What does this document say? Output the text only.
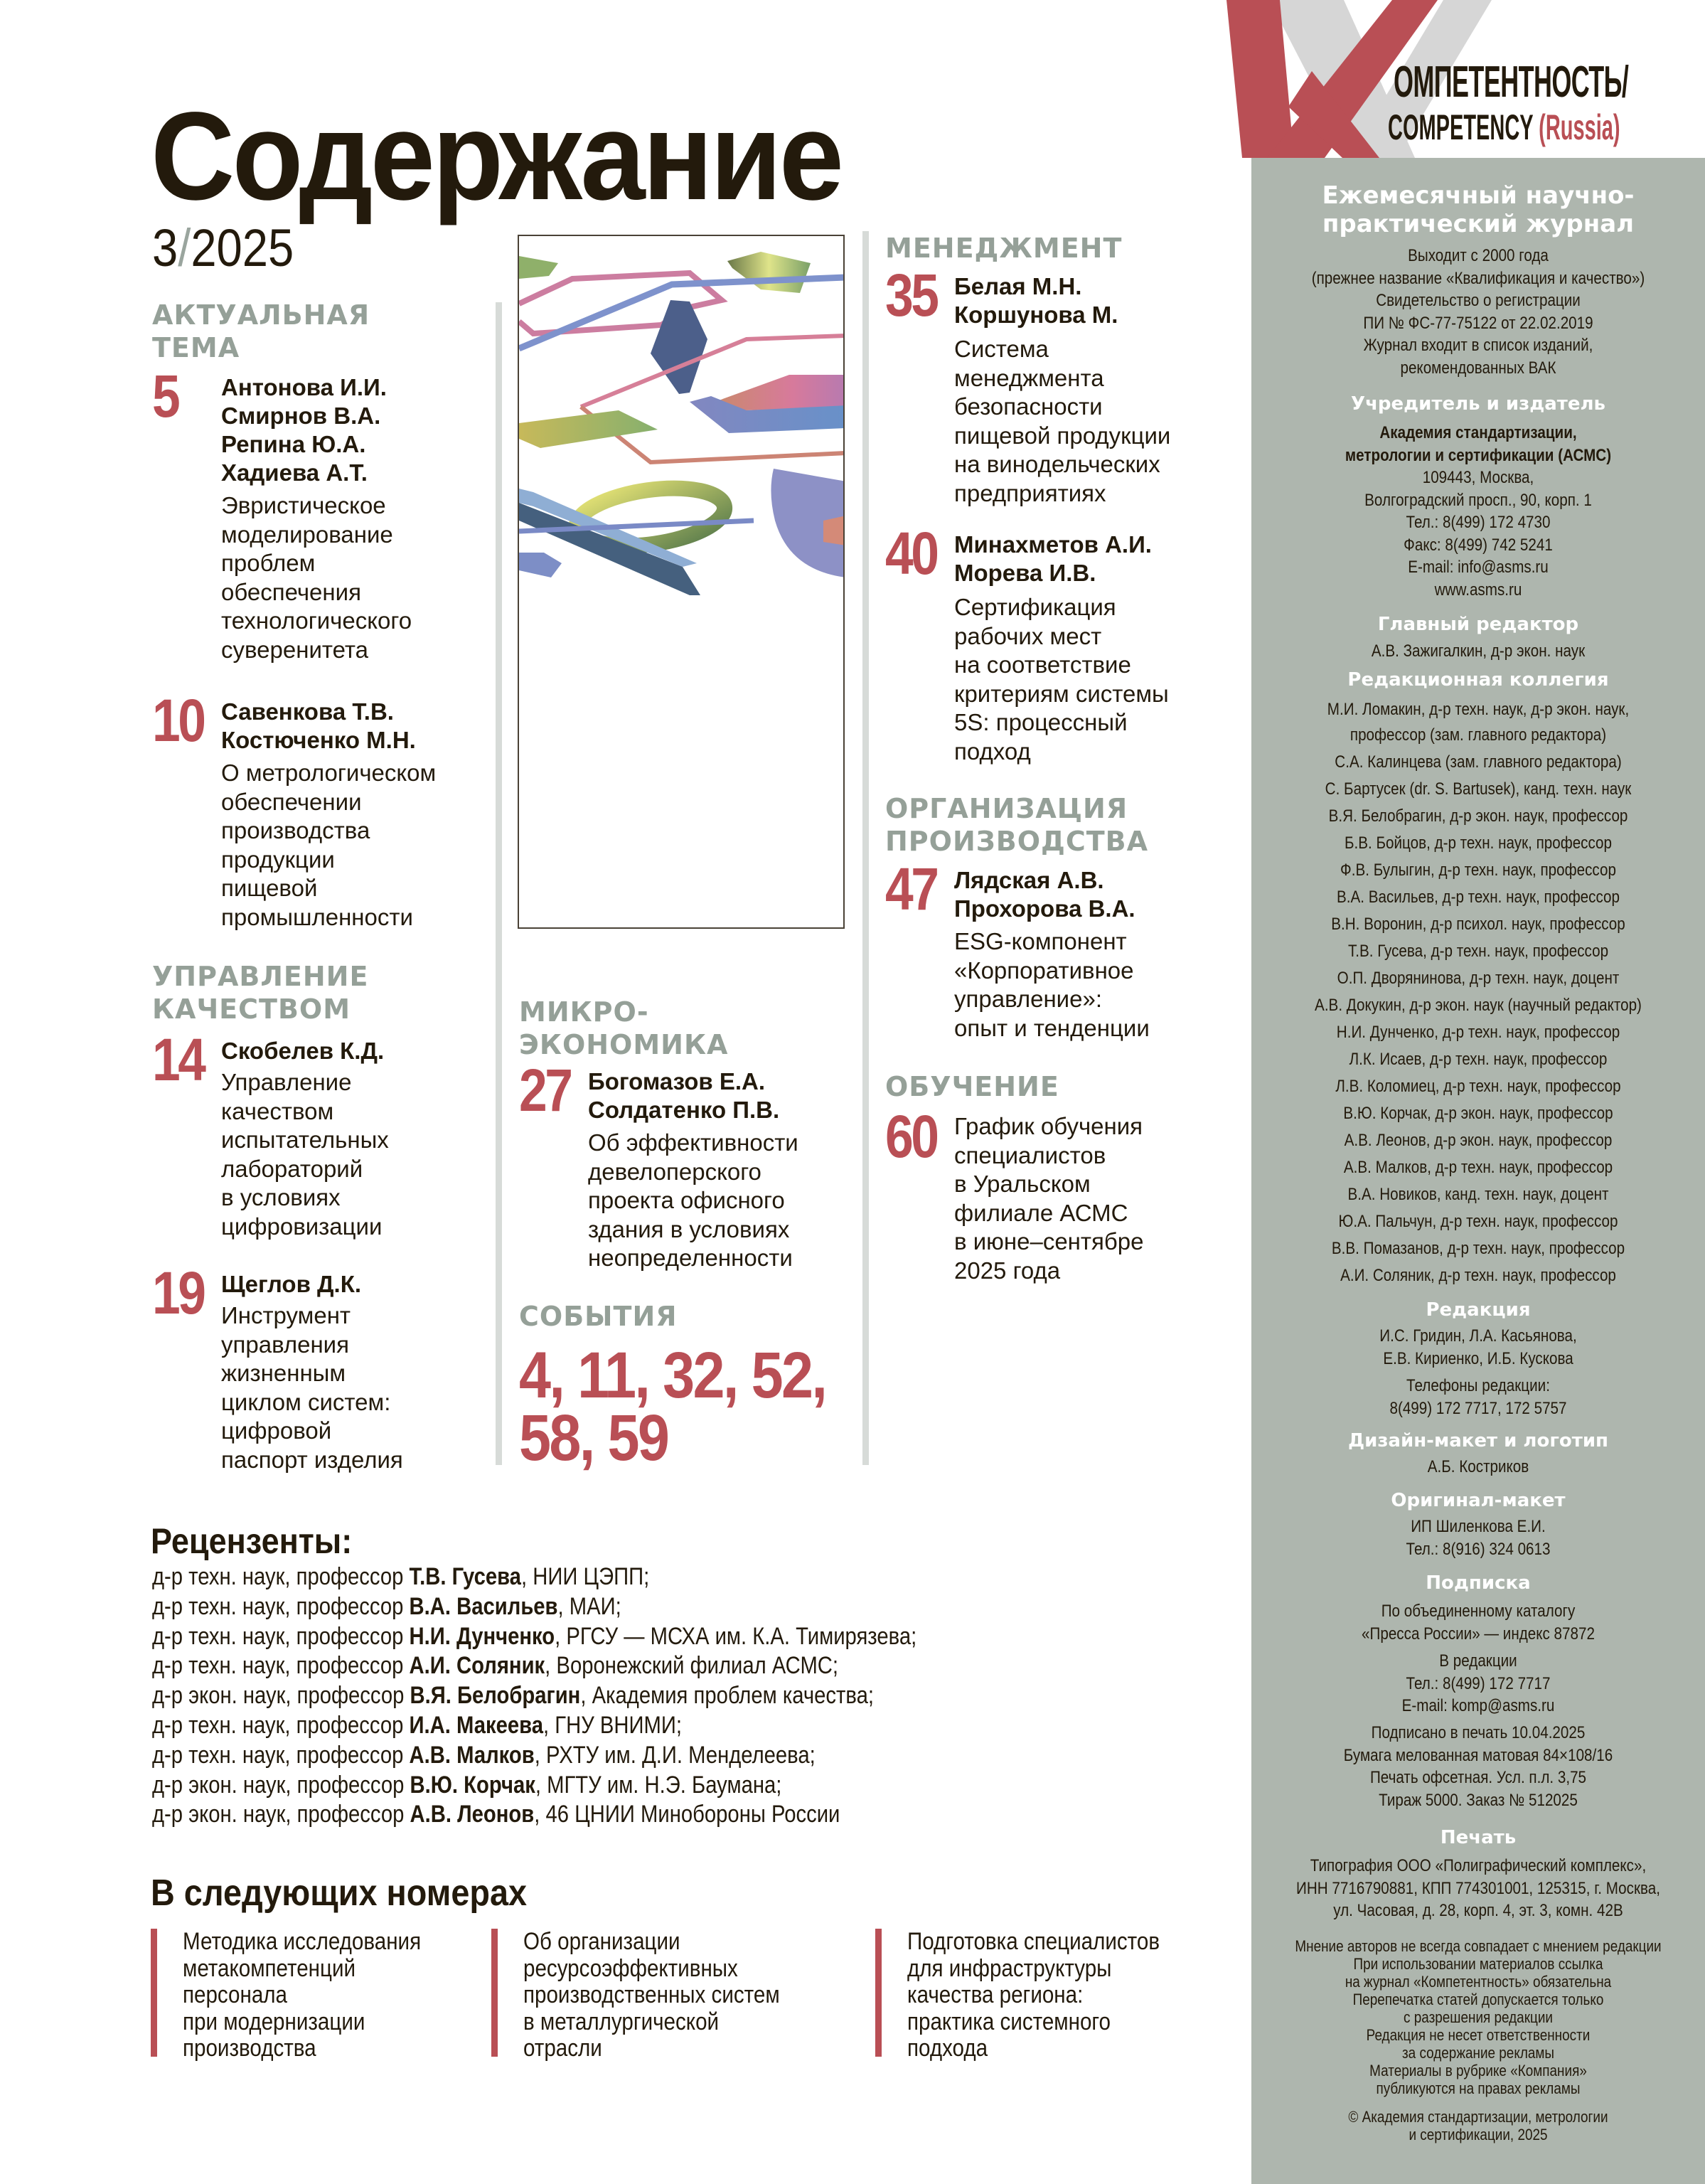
Содержание
3/2025
АКТУАЛЬНАЯ
ТЕМА
5 Антонова И.И.
Смирнов В.А.
Репина Ю.А.
Хадиева А.Т.
Эвристическое
моделирование
проблем
обеспечения
технологического
суверенитета
10 Савенкова Т.В.
Костюченко М.Н.
О метрологическом
обеспечении
производства
продукции
пищевой
промышленности
УПРАВЛЕНИЕ
КАЧЕСТВОМ
14 Скобелев К.Д.
Управление
качеством
испытательных
лабораторий
в условиях
цифровизации
19 Щеглов Д.К.
Инструмент
управления
жизненным
циклом систем:
цифровой
паспорт изделия
МИКРО-
ЭКОНОМИКА
27 Богомазов Е.А.
Солдатенко П.В.
Об эффективности
девелоперского
проекта офисного
здания в условиях
неопределенности
СОБЫТИЯ
4, 11, 32, 52,
58, 59
МЕНЕДЖМЕНТ
35 Белая М.Н.
Коршунова М.
Система
менеджмента
безопасности
пищевой продукции
на винодельческих
предприятиях
40 Минахметов А.И.
Морева И.В.
Сертификация
рабочих мест
на соответствие
критериям системы
5S: процессный
подход
ОРГАНИЗАЦИЯ
ПРОИЗВОДСТВА
47 Лядская А.В.
Прохорова В.А.
ESG-компонент
«Корпоративное
управление»:
опыт и тенденции
ОБУЧЕНИЕ
60 График обучения
специалистов
в Уральском
филиале АСМС
в июне–сентябре
2025 года
Рецензенты:
д-р техн. наук, профессор Т.В. Гусева, НИИ ЦЭПП;
д-р техн. наук, профессор В.А. Васильев, МАИ;
д-р техн. наук, профессор Н.И. Дунченко, РГСУ — МСХА им. К.А. Тимирязева;
д-р техн. наук, профессор А.И. Соляник, Воронежский филиал АСМС;
д-р экон. наук, профессор В.Я. Белобрагин, Академия проблем качества;
д-р техн. наук, профессор И.А. Макеева, ГНУ ВНИМИ;
д-р техн. наук, профессор А.В. Малков, РХТУ им. Д.И. Менделеева;
д-р экон. наук, профессор В.Ю. Корчак, МГТУ им. Н.Э. Баумана;
д-р экон. наук, профессор А.В. Леонов, 46 ЦНИИ Минобороны России
В следующих номерах
Методика исследования
метакомпетенций
персонала
при модернизации
производства
Об организации
ресурсоэффективных
производственных систем
в металлургической
отрасли
Подготовка специалистов
для инфраструктуры
качества региона:
практика системного
подхода
ОМПЕТЕНТНОСТЬ/
COMPETENCY (Russia)
Ежемесячный научно-
практический журнал
Выходит с 2000 года
(прежнее название «Квалификация и качество»)
Свидетельство о регистрации
ПИ № ФС-77-75122 от 22.02.2019
Журнал входит в список изданий,
рекомендованных ВАК
Учредитель и издатель
Академия стандартизации,
метрологии и сертификации (АСМС)
109443, Москва,
Волгоградский просп., 90, корп. 1
Тел.: 8(499) 172 4730
Факс: 8(499) 742 5241
E-mail: info@asms.ru
www.asms.ru
Главный редактор
А.В. Зажигалкин, д-р экон. наук
Редакционная коллегия
М.И. Ломакин, д-р техн. наук, д-р экон. наук,
профессор (зам. главного редактора)
С.А. Калинцева (зам. главного редактора)
С. Бартусек (dr. S. Bartusek), канд. техн. наук
В.Я. Белобрагин, д-р экон. наук, профессор
Б.В. Бойцов, д-р техн. наук, профессор
Ф.В. Булыгин, д-р техн. наук, профессор
В.А. Васильев, д-р техн. наук, профессор
В.Н. Воронин, д-р психол. наук, профессор
Т.В. Гусева, д-р техн. наук, профессор
О.П. Дворянинова, д-р техн. наук, доцент
А.В. Докукин, д-р экон. наук (научный редактор)
Н.И. Дунченко, д-р техн. наук, профессор
Л.К. Исаев, д-р техн. наук, профессор
Л.В. Коломиец, д-р техн. наук, профессор
В.Ю. Корчак, д-р экон. наук, профессор
А.В. Леонов, д-р экон. наук, профессор
А.В. Малков, д-р техн. наук, профессор
В.А. Новиков, канд. техн. наук, доцент
Ю.А. Пальчун, д-р техн. наук, профессор
В.В. Помазанов, д-р техн. наук, профессор
А.И. Соляник, д-р техн. наук, профессор
Редакция
И.С. Гридин, Л.А. Касьянова,
Е.В. Кириенко, И.Б. Кускова
Телефоны редакции:
8(499) 172 7717, 172 5757
Дизайн-макет и логотип
А.Б. Костриков
Оригинал-макет
ИП Шиленкова Е.И.
Тел.: 8(916) 324 0613
Подписка
По объединенному каталогу
«Пресса России» — индекс 87872
В редакции
Тел.: 8(499) 172 7717
E-mail: komp@asms.ru
Подписано в печать 10.04.2025
Бумага мелованная матовая 84×108/16
Печать офсетная. Усл. п.л. 3,75
Тираж 5000. Заказ № 512025
Печать
Типография ООО «Полиграфический комплекс»,
ИНН 7716790881, КПП 774301001, 125315, г. Москва,
ул. Часовая, д. 28, корп. 4, эт. 3, комн. 42В
Мнение авторов не всегда совпадает с мнением редакции
При использовании материалов ссылка
на журнал «Компетентность» обязательна
Перепечатка статей допускается только
с разрешения редакции
Редакция не несет ответственности
за содержание рекламы
Материалы в рубрике «Компания»
публикуются на правах рекламы
© Академия стандартизации, метрологии
и сертификации, 2025
